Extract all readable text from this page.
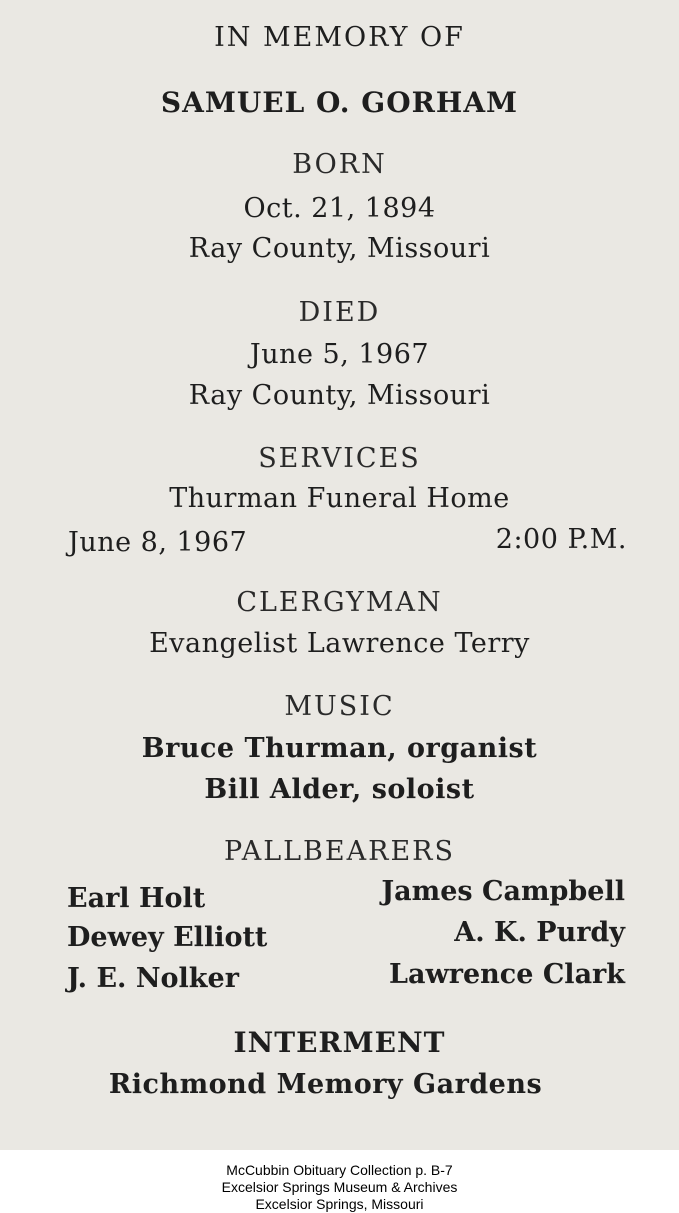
IN MEMORY OF
SAMUEL O. GORHAM
BORN
Oct. 21, 1894
Ray County, Missouri
DIED
June 5, 1967
Ray County, Missouri
SERVICES
Thurman Funeral Home
June 8, 1967	2:00 P.M.
CLERGYMAN
Evangelist Lawrence Terry
MUSIC
Bruce Thurman, organist
Bill Alder, soloist
PALLBEARERS
Earl Holt
Dewey Elliott
J. E. Nolker
James Campbell
A. K. Purdy
Lawrence Clark
INTERMENT
Richmond Memory Gardens
McCubbin Obituary Collection p. B-7
Excelsior Springs Museum & Archives
Excelsior Springs, Missouri
